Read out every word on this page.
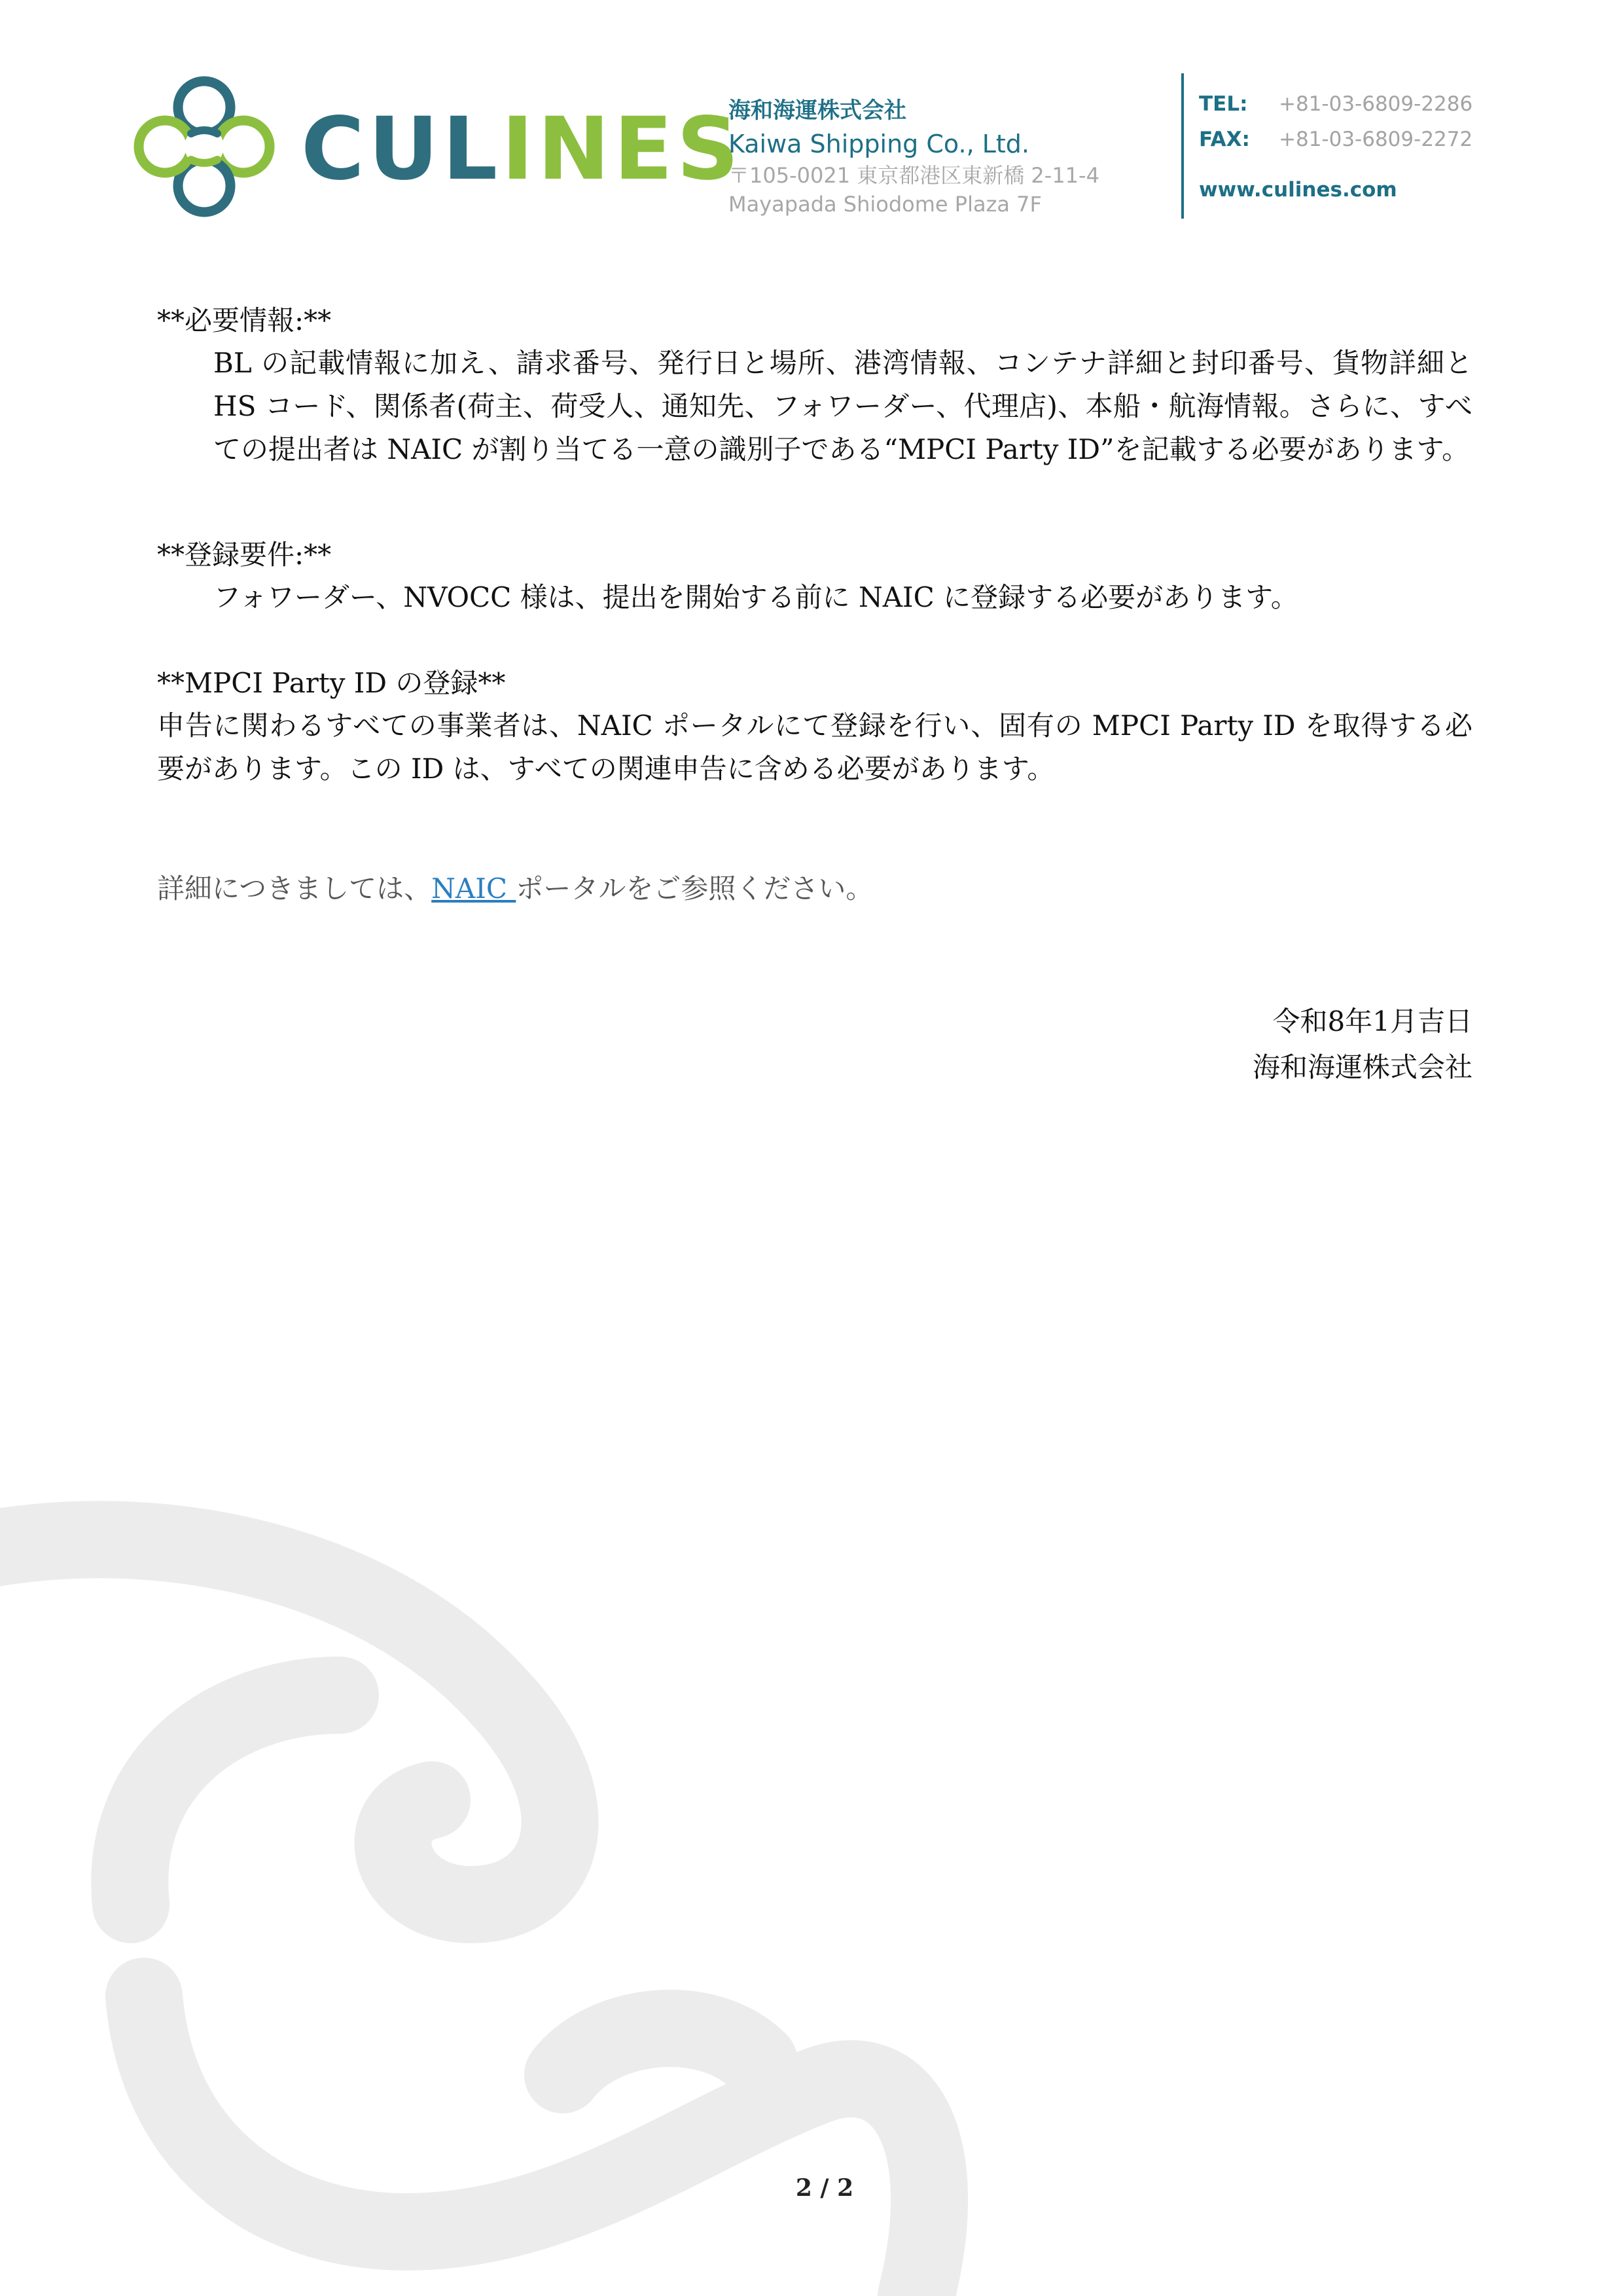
CULINES
海和海運株式会社
Kaiwa Shipping Co., Ltd.
〒105-0021 東京都港区東新橋 2-11-4
Mayapada Shiodome Plaza 7F
TEL: +81-03-6809-2286
FAX: +81-03-6809-2272
www.culines.com
**必要情報:**
BL の記載情報に加え、請求番号、発行日と場所、港湾情報、コンテナ詳細と封印番号、貨物詳細と HS コード、関係者(荷主、荷受人、通知先、フォワーダー、代理店)、本船・航海情報。さらに、すべての提出者は NAIC が割り当てる一意の識別子である“MPCI Party ID”を記載する必要があります。
**登録要件:**
フォワーダー、NVOCC 様は、提出を開始する前に NAIC に登録する必要があります。
**MPCI Party ID の登録**
申告に関わるすべての事業者は、NAIC ポータルにて登録を行い、固有の MPCI Party ID を取得する必要があります。この ID は、すべての関連申告に含める必要があります。
詳細につきましては、NAIC ポータルをご参照ください。
令和8年1月吉日
海和海運株式会社
2 / 2
